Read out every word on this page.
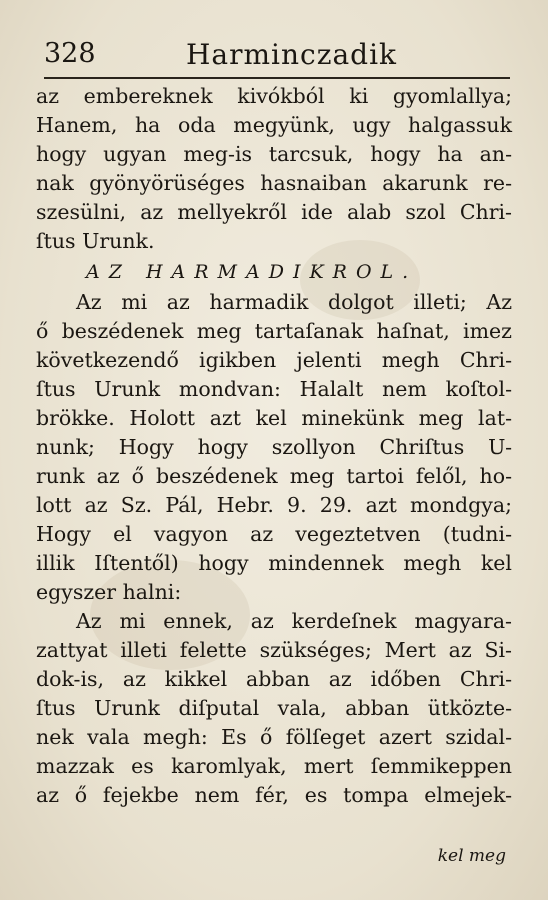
328	Harminczadik
az embereknek kivókból ki gyomlallya;
Hanem, ha oda megyünk, ugy halgassuk
hogy ugyan meg-is tarcsuk, hogy ha an-
nak gyönyörüséges hasnaiban akarunk re-
szesülni, az mellyekről ide alab szol Chri-
ſtus Urunk.
AZ HARMADIKROL.
Az mi az harmadik dolgot illeti; Az
ő beszédenek meg tartaſanak haſnat, imez
következendő igikben jelenti megh Chri-
ſtus Urunk mondvan: Halalt nem koſtol-
brökke. Holott azt kel minekünk meg lat-
nunk; Hogy hogy szollyon Chriſtus U-
runk az ő beszédenek meg tartoi felől, ho-
lott az Sz. Pál, Hebr. 9. 29. azt mondgya;
Hogy el vagyon az vegeztetven (tudni-
illik Iſtentől) hogy mindennek megh kel
egyszer halni:
Az mi ennek, az kerdeſnek magyara-
zattyat illeti felette szükséges; Mert az Si-
dok-is, az kikkel abban az időben Chri-
ſtus Urunk diſputal vala, abban ütközte-
nek vala megh: Es ő fölſeget azert szidal-
mazzak es karomlyak, mert ſemmikeppen
az ő fejekbe nem fér, es tompa elmejek-
kel meg
